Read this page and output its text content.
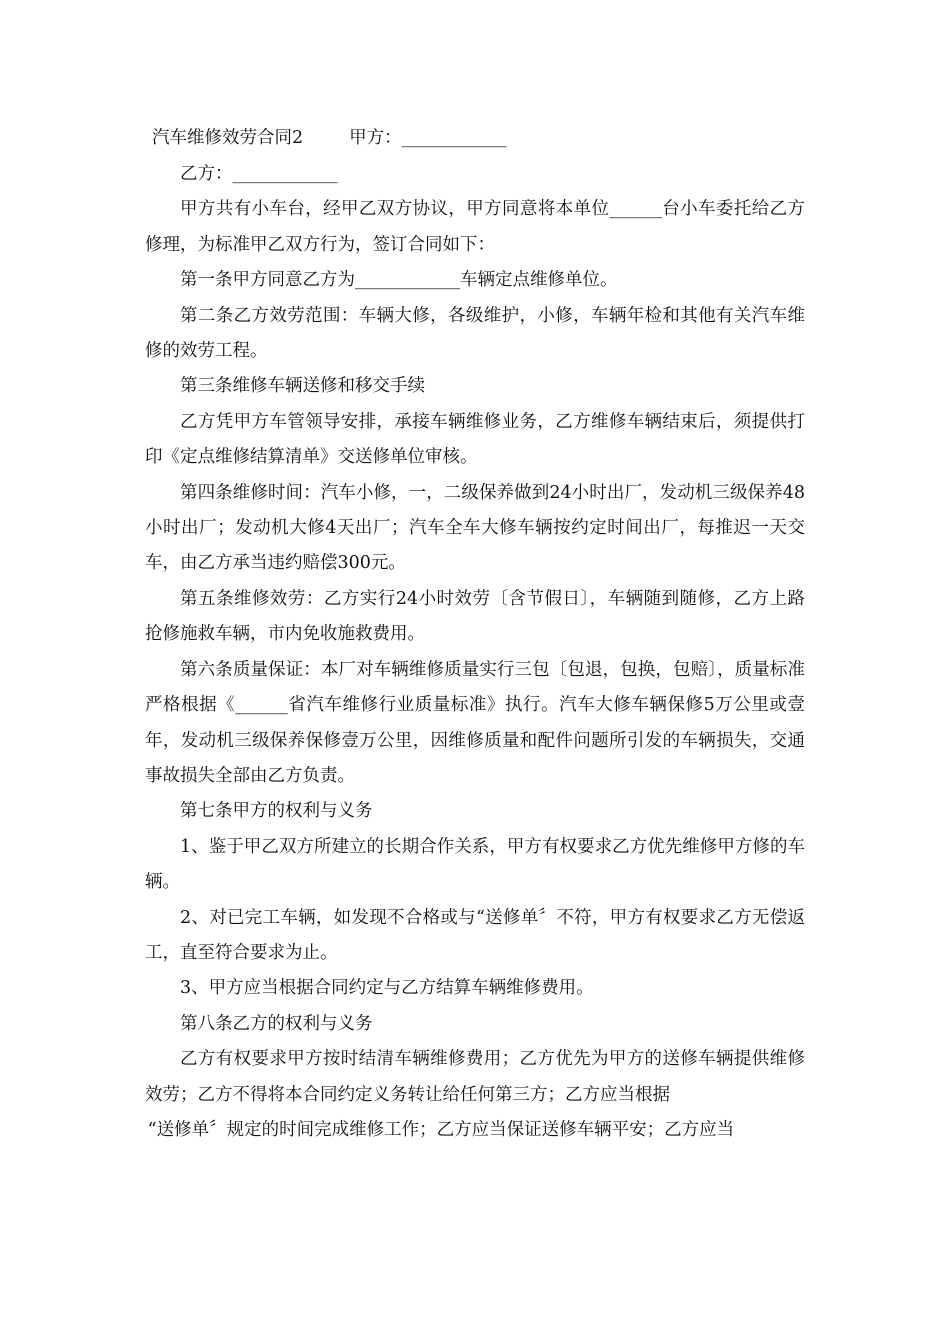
汽车维修效劳合同2	甲方：____________

乙方：____________

甲方共有小车台，经甲乙双方协议，甲方同意将本单位______台小车委托给乙方修理，为标准甲乙双方行为，签订合同如下：

第一条甲方同意乙方为____________车辆定点维修单位。

第二条乙方效劳范围：车辆大修，各级维护，小修，车辆年检和其他有关汽车维修的效劳工程。

第三条维修车辆送修和移交手续

乙方凭甲方车管领导安排，承接车辆维修业务，乙方维修车辆结束后，须提供打印《定点维修结算清单》交送修单位审核。

第四条维修时间：汽车小修，一，二级保养做到24小时出厂，发动机三级保养48小时出厂；发动机大修4天出厂；汽车全车大修车辆按约定时间出厂，每推迟一天交车，由乙方承当违约赔偿300元。

第五条维修效劳：乙方实行24小时效劳〔含节假日〕，车辆随到随修，乙方上路抢修施救车辆，市内免收施救费用。

第六条质量保证：本厂对车辆维修质量实行三包〔包退，包换，包赔〕，质量标准严格根据《______省汽车维修行业质量标准》执行。汽车大修车辆保修5万公里或壹年，发动机三级保养保修壹万公里，因维修质量和配件问题所引发的车辆损失，交通事故损失全部由乙方负责。

第七条甲方的权利与义务

1、鉴于甲乙双方所建立的长期合作关系，甲方有权要求乙方优先维修甲方修的车辆。

2、对已完工车辆，如发现不合格或与“送修单〞不符，甲方有权要求乙方无偿返工，直至符合要求为止。

3、甲方应当根据合同约定与乙方结算车辆维修费用。

第八条乙方的权利与义务

乙方有权要求甲方按时结清车辆维修费用；乙方优先为甲方的送修车辆提供维修效劳；乙方不得将本合同约定义务转让给任何第三方；乙方应当根据

“送修单〞规定的时间完成维修工作；乙方应当保证送修车辆平安；乙方应当
